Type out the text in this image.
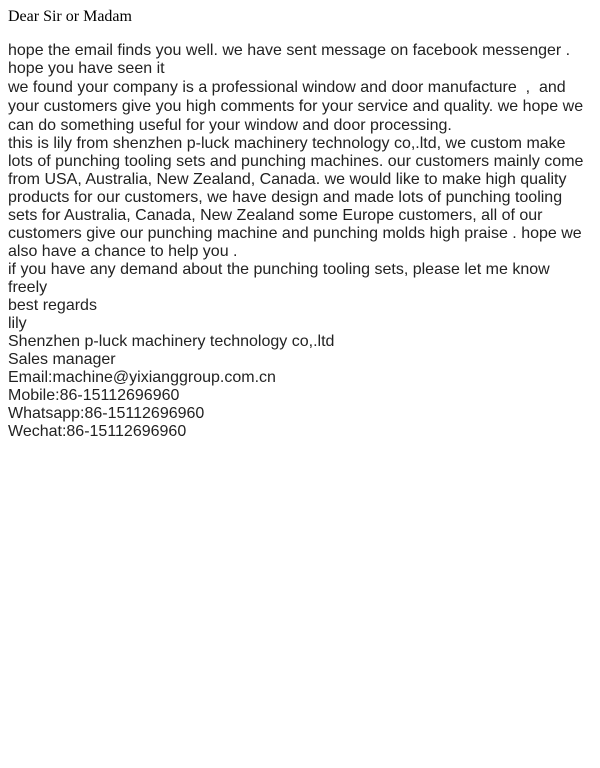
Dear Sir or Madam
hope the email finds you well. we have sent message on facebook messenger .
hope you have seen it
we found your company is a professional window and door manufacture  ,  and
your customers give you high comments for your service and quality. we hope we
can do something useful for your window and door processing.
this is lily from shenzhen p-luck machinery technology co,.ltd, we custom make
lots of punching tooling sets and punching machines. our customers mainly come
from USA, Australia, New Zealand, Canada. we would like to make high quality
products for our customers, we have design and made lots of punching tooling
sets for Australia, Canada, New Zealand some Europe customers, all of our
customers give our punching machine and punching molds high praise . hope we
also have a chance to help you .
if you have any demand about the punching tooling sets, please let me know
freely
best regards
lily
Shenzhen p-luck machinery technology co,.ltd
Sales manager
Email:machine@yixianggroup.com.cn
Mobile:86-15112696960
Whatsapp:86-15112696960
Wechat:86-15112696960
